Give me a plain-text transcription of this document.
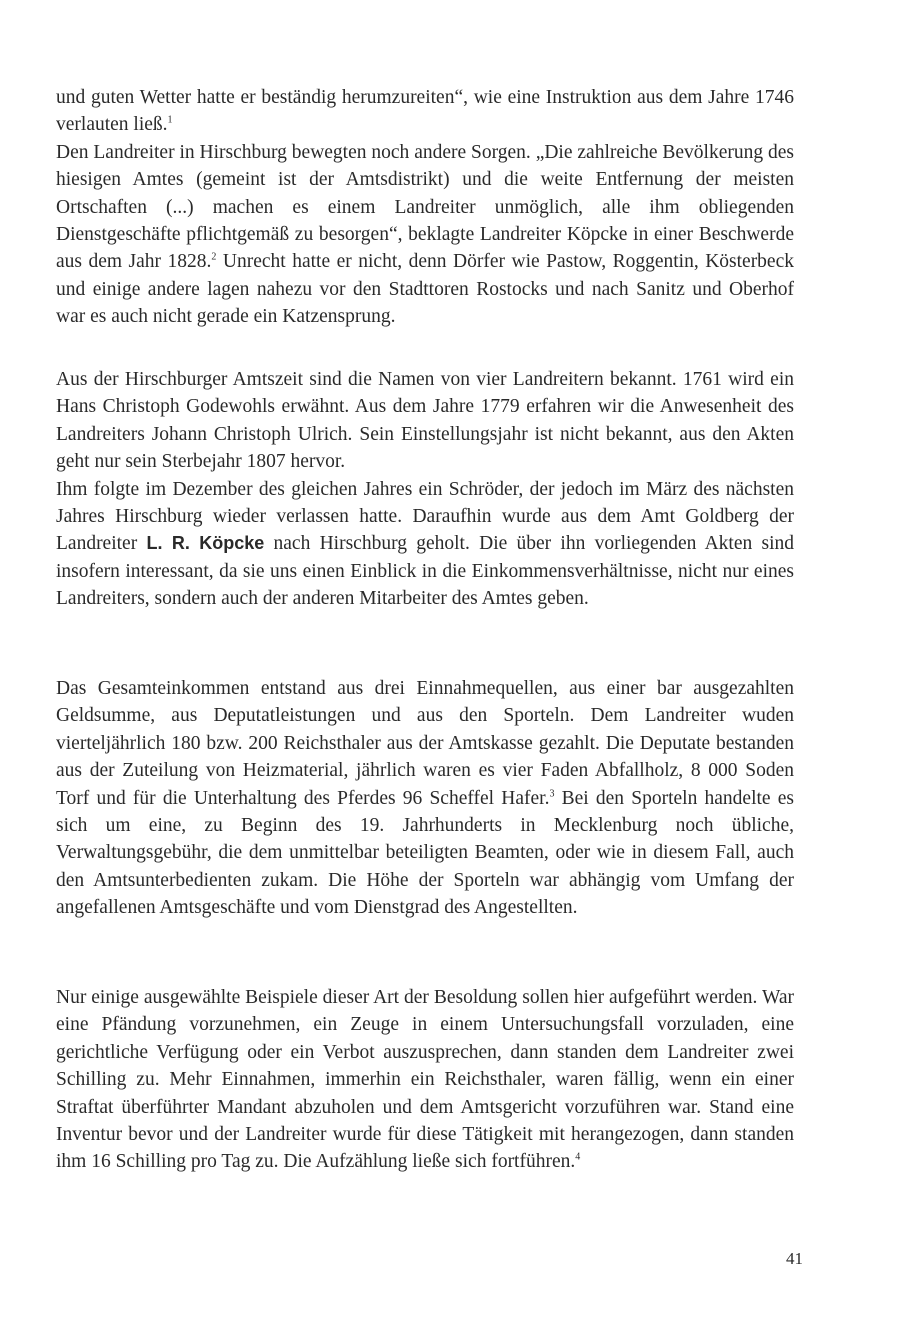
und guten Wetter hatte er beständig herumzureiten“, wie eine Instruktion aus dem Jahre 1746 verlauten ließ.$^1$

Den Landreiter in Hirschburg bewegten noch andere Sorgen. „Die zahlreiche Bevölkerung des hiesigen Amtes (gemeint ist der Amtsdistrikt) und die weite Entfernung der meisten Ortschaften (...) machen es einem Landreiter unmöglich, alle ihm obliegenden Dienstgeschäfte pflichtgemäß zu besorgen“, beklagte Landreiter Köpcke in einer Beschwerde aus dem Jahr 1828.$^2$ Unrecht hatte er nicht, denn Dörfer wie Pastow, Roggentin, Kösterbeck und einige andere lagen nahezu vor den Stadttoren Rostocks und nach Sanitz und Oberhof war es auch nicht gerade ein Katzensprung.

Aus der Hirschburger Amtszeit sind die Namen von vier Landreitern bekannt. 1761 wird ein Hans Christoph Godewohls erwähnt. Aus dem Jahre 1779 erfahren wir die Anwesenheit des Landreiters Johann Christoph Ulrich. Sein Einstellungsjahr ist nicht bekannt, aus den Akten geht nur sein Sterbejahr 1807 hervor.

Ihm folgte im Dezember des gleichen Jahres ein Schröder, der jedoch im März des nächsten Jahres Hirschburg wieder verlassen hatte. Daraufhin wurde aus dem Amt Goldberg der Landreiter L. R. Köpcke nach Hirschburg geholt. Die über ihn vorliegenden Akten sind insofern interessant, da sie uns einen Einblick in die Einkommensverhältnisse, nicht nur eines Landreiters, sondern auch der anderen Mitarbeiter des Amtes geben.

Das Gesamteinkommen entstand aus drei Einnahmequellen, aus einer bar ausgezahlten Geldsumme, aus Deputatleistungen und aus den Sporteln. Dem Landreiter wuden vierteljährlich 180 bzw. 200 Reichsthaler aus der Amtskasse gezahlt. Die Deputate bestanden aus der Zuteilung von Heizmaterial, jährlich waren es vier Faden Abfallholz, 8 000 Soden Torf und für die Unterhaltung des Pferdes 96 Scheffel Hafer.$^3$ Bei den Sporteln handelte es sich um eine, zu Beginn des 19. Jahrhunderts in Mecklenburg noch übliche, Verwaltungsgebühr, die dem unmittelbar beteiligten Beamten, oder wie in diesem Fall, auch den Amtsunterbedienten zukam. Die Höhe der Sporteln war abhängig vom Umfang der angefallenen Amtsgeschäfte und vom Dienstgrad des Angestellten.

Nur einige ausgewählte Beispiele dieser Art der Besoldung sollen hier aufgeführt werden. War eine Pfändung vorzunehmen, ein Zeuge in einem Untersuchungsfall vorzuladen, eine gerichtliche Verfügung oder ein Verbot auszusprechen, dann standen dem Landreiter zwei Schilling zu. Mehr Einnahmen, immerhin ein Reichsthaler, waren fällig, wenn ein einer Straftat überführter Mandant abzuholen und dem Amtsgericht vorzuführen war. Stand eine Inventur bevor und der Landreiter wurde für diese Tätigkeit mit herangezogen, dann standen ihm 16 Schilling pro Tag zu. Die Aufzählung ließe sich fortführen.$^4$

41
